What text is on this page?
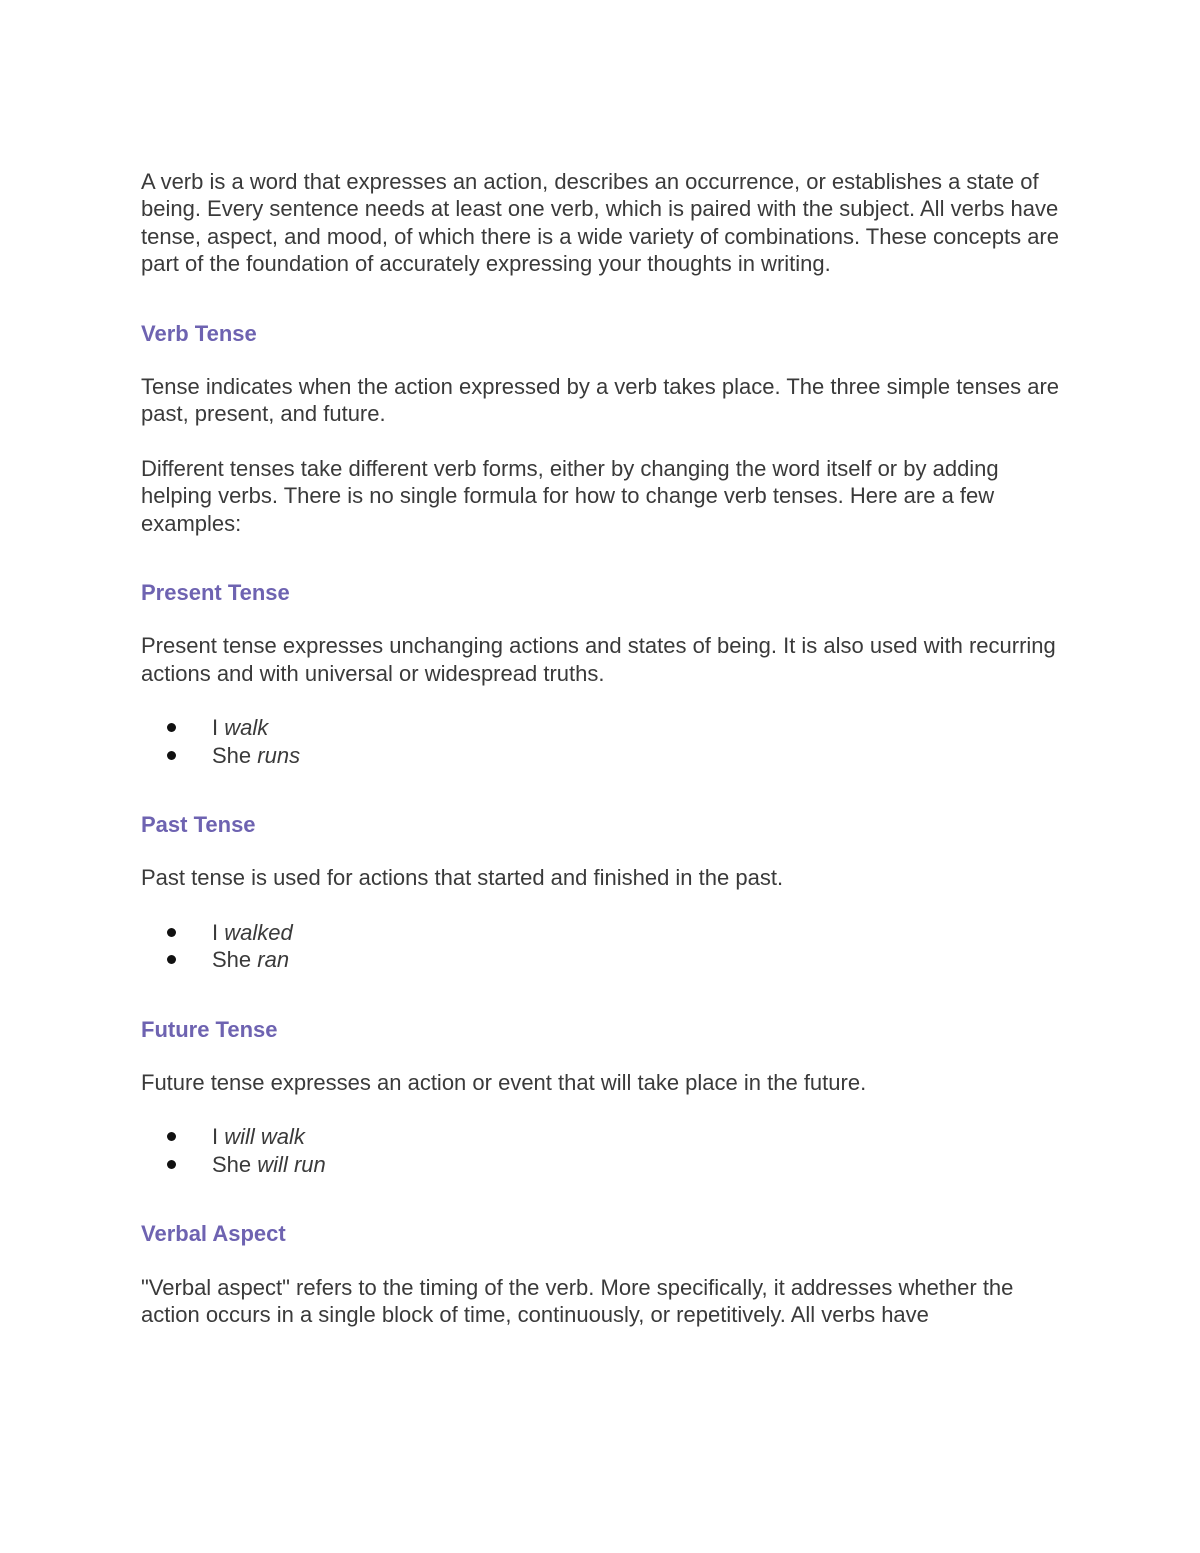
A verb is a word that expresses an action, describes an occurrence, or establishes a state of being. Every sentence needs at least one verb, which is paired with the subject. All verbs have tense, aspect, and mood, of which there is a wide variety of combinations. These concepts are part of the foundation of accurately expressing your thoughts in writing.

Verb Tense

Tense indicates when the action expressed by a verb takes place. The three simple tenses are past, present, and future.

Different tenses take different verb forms, either by changing the word itself or by adding helping verbs. There is no single formula for how to change verb tenses. Here are a few examples:

Present Tense

Present tense expresses unchanging actions and states of being. It is also used with recurring actions and with universal or widespread truths.

I walk
She runs
Past Tense

Past tense is used for actions that started and finished in the past.

I walked
She ran
Future Tense

Future tense expresses an action or event that will take place in the future.

I will walk
She will run
Verbal Aspect

"Verbal aspect" refers to the timing of the verb. More specifically, it addresses whether the action occurs in a single block of time, continuously, or repetitively. All verbs have
